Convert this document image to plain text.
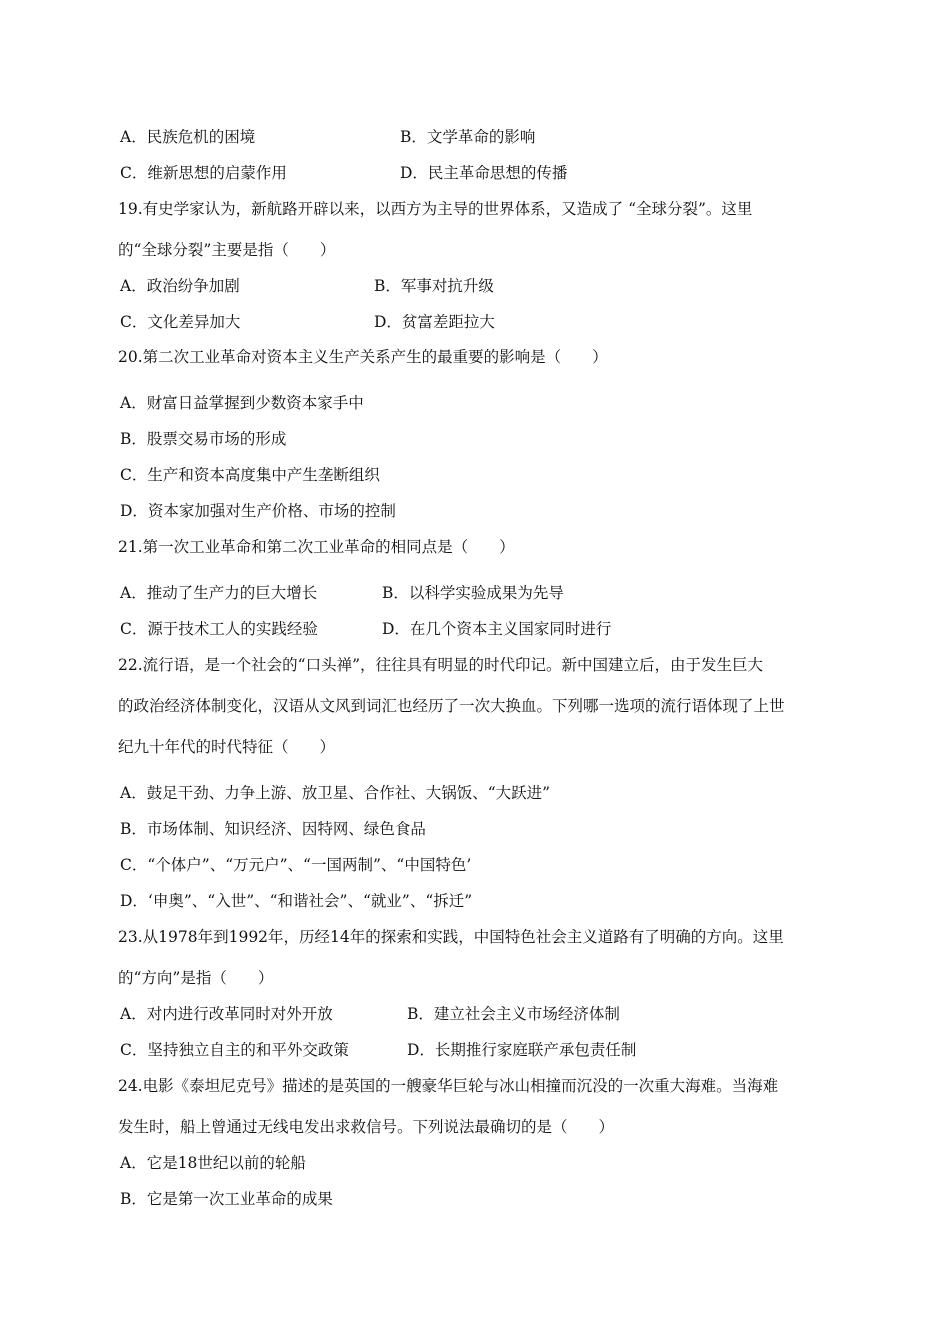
A．民族危机的困境	B．文学革命的影响
C．维新思想的启蒙作用	D．民主革命思想的传播
19.有史学家认为，新航路开辟以来，以西方为主导的世界体系，又造成了 “全球分裂”。这里
的“全球分裂”主要是指（　　）
A．政治纷争加剧	B．军事对抗升级
C．文化差异加大	D．贫富差距拉大
20.第二次工业革命对资本主义生产关系产生的最重要的影响是（　　）
A．财富日益掌握到少数资本家手中
B．股票交易市场的形成
C．生产和资本高度集中产生垄断组织
D．资本家加强对生产价格、市场的控制
21.第一次工业革命和第二次工业革命的相同点是（　　）
A．推动了生产力的巨大增长	B．以科学实验成果为先导
C．源于技术工人的实践经验	D．在几个资本主义国家同时进行
22.流行语，是一个社会的“口头禅”，往往具有明显的时代印记。新中国建立后，由于发生巨大
的政治经济体制变化，汉语从文风到词汇也经历了一次大换血。下列哪一选项的流行语体现了上世
纪九十年代的时代特征（　　）
A．鼓足干劲、力争上游、放卫星、合作社、大锅饭、“大跃进”
B．市场体制、知识经济、因特网、绿色食品
C．“个体户”、“万元户”、“一国两制”、“中国特色’
D．‘申奥”、“入世”、“和谐社会”、“就业”、“拆迁”
23.从1978年到1992年，历经14年的探索和实践，中国特色社会主义道路有了明确的方向。这里
的“方向”是指（　　）
A．对内进行改革同时对外开放	B．建立社会主义市场经济体制
C．坚持独立自主的和平外交政策	D．长期推行家庭联产承包责任制
24.电影《泰坦尼克号》描述的是英国的一艘豪华巨轮与冰山相撞而沉没的一次重大海难。当海难
发生时，船上曾通过无线电发出求救信号。下列说法最确切的是（　　）
A．它是18世纪以前的轮船
B．它是第一次工业革命的成果
